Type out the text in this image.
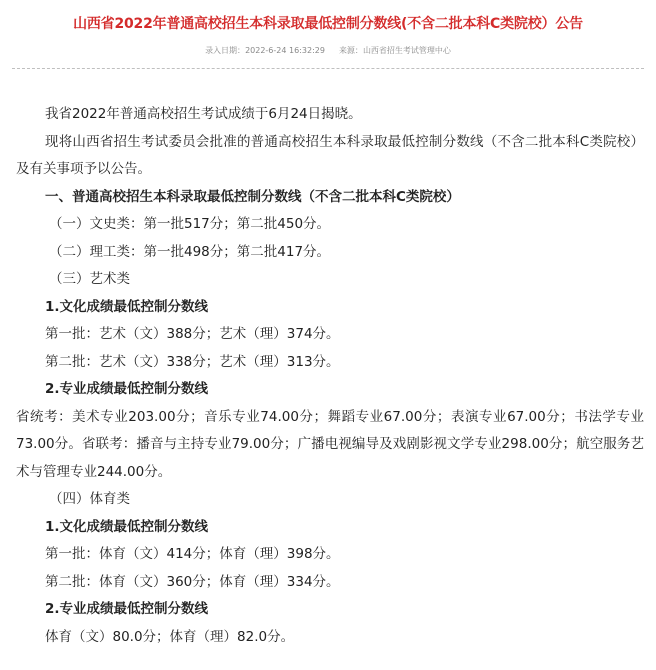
山西省2022年普通高校招生本科录取最低控制分数线(不含二批本科C类院校）公告
录入日期：2022-6-24 16:32:29 来源：山西省招生考试管理中心

我省2022年普通高校招生考试成绩于6月24日揭晓。

现将山西省招生考试委员会批准的普通高校招生本科录取最低控制分数线（不含二批本科C类院校）及有关事项予以公告。

一、普通高校招生本科录取最低控制分数线（不含二批本科C类院校）

（一）文史类：第一批517分；第二批450分。

（二）理工类：第一批498分；第二批417分。

（三）艺术类

1.文化成绩最低控制分数线

第一批：艺术（文）388分；艺术（理）374分。

第二批：艺术（文）338分；艺术（理）313分。

2.专业成绩最低控制分数线

省统考：美术专业203.00分；音乐专业74.00分；舞蹈专业67.00分；表演专业67.00分；书法学专业73.00分。省联考：播音与主持专业79.00分；广播电视编导及戏剧影视文学专业298.00分；航空服务艺术与管理专业244.00分。

（四）体育类

1.文化成绩最低控制分数线

第一批：体育（文）414分；体育（理）398分。

第二批：体育（文）360分；体育（理）334分。

2.专业成绩最低控制分数线

体育（文）80.0分；体育（理）82.0分。
